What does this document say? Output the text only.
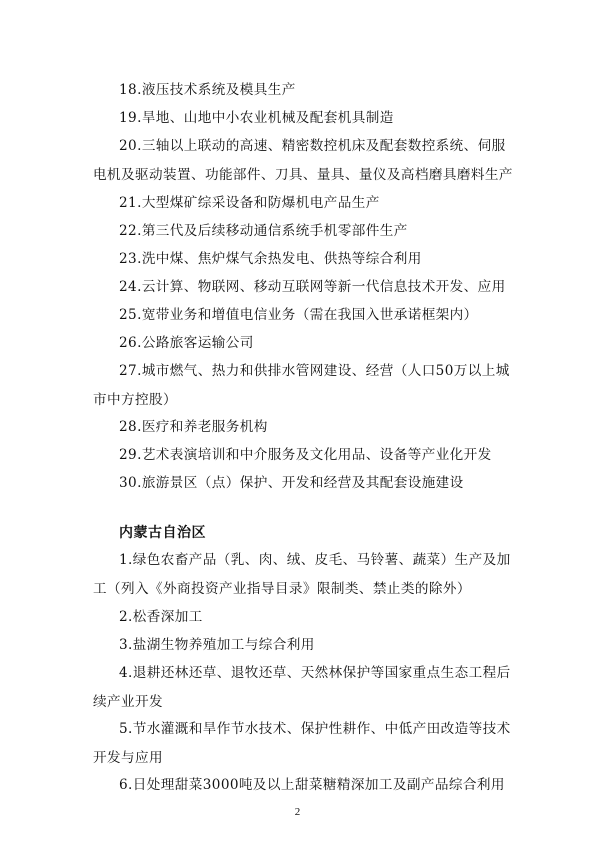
18.液压技术系统及模具生产
19.旱地、山地中小农业机械及配套机具制造
20.三轴以上联动的高速、精密数控机床及配套数控系统、伺服电机及驱动装置、功能部件、刀具、量具、量仪及高档磨具磨料生产
21.大型煤矿综采设备和防爆机电产品生产
22.第三代及后续移动通信系统手机零部件生产
23.洗中煤、焦炉煤气余热发电、供热等综合利用
24.云计算、物联网、移动互联网等新一代信息技术开发、应用
25.宽带业务和增值电信业务（需在我国入世承诺框架内）
26.公路旅客运输公司
27.城市燃气、热力和供排水管网建设、经营（人口50万以上城市中方控股）
28.医疗和养老服务机构
29.艺术表演培训和中介服务及文化用品、设备等产业化开发
30.旅游景区（点）保护、开发和经营及其配套设施建设
内蒙古自治区
1.绿色农畜产品（乳、肉、绒、皮毛、马铃薯、蔬菜）生产及加工（列入《外商投资产业指导目录》限制类、禁止类的除外）
2.松香深加工
3.盐湖生物养殖加工与综合利用
4.退耕还林还草、退牧还草、天然林保护等国家重点生态工程后续产业开发
5.节水灌溉和旱作节水技术、保护性耕作、中低产田改造等技术开发与应用
6.日处理甜菜3000吨及以上甜菜糖精深加工及副产品综合利用
2
